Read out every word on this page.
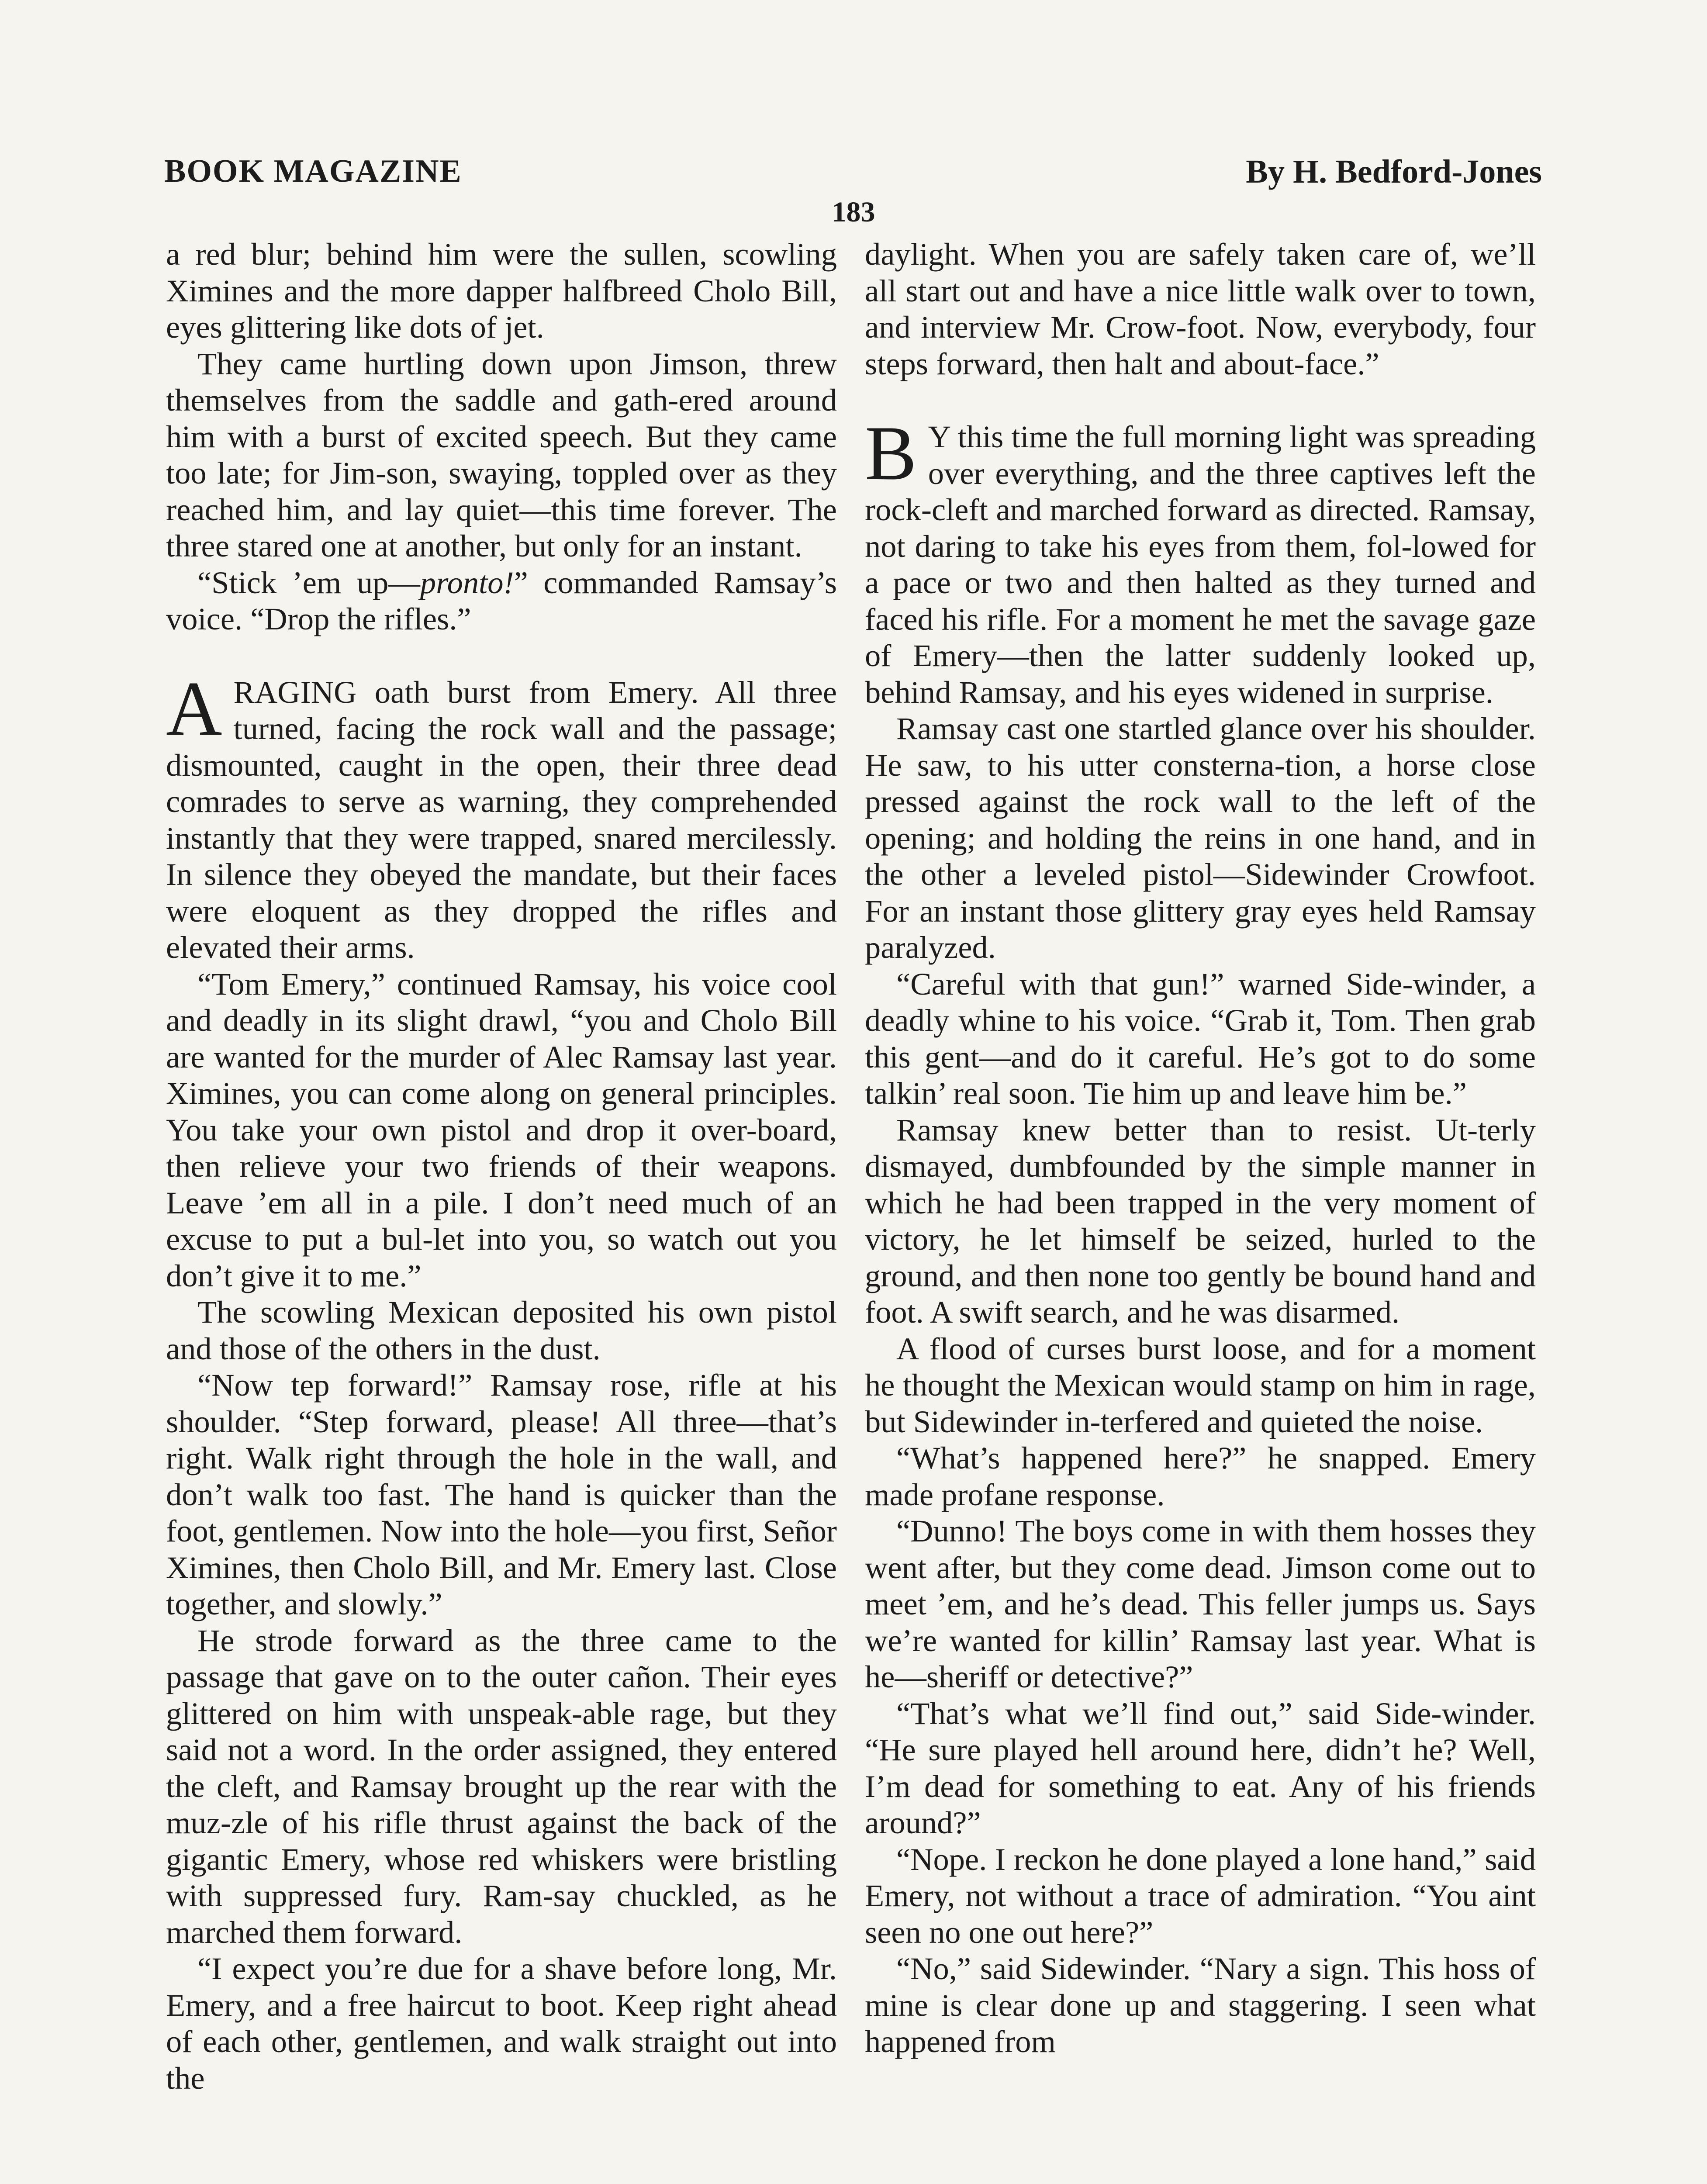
BOOK MAGAZINE	By H. Bedford-Jones
183

a red blur; behind him were the sullen, scowling Ximines and the more dapper halfbreed Cholo Bill, eyes glittering like dots of jet.

They came hurtling down upon Jimson, threw themselves from the saddle and gath-ered around him with a burst of excited speech. But they came too late; for Jim-son, swaying, toppled over as they reached him, and lay quiet—this time forever. The three stared one at another, but only for an instant.

“Stick ’em up—pronto!” commanded Ramsay’s voice. “Drop the rifles.”

ARAGING oath burst from Emery. All three turned, facing the rock wall and the passage; dismounted, caught in the open, their three dead comrades to serve as warning, they comprehended instantly that they were trapped, snared mercilessly. In silence they obeyed the mandate, but their faces were eloquent as they dropped the rifles and elevated their arms.

“Tom Emery,” continued Ramsay, his voice cool and deadly in its slight drawl, “you and Cholo Bill are wanted for the murder of Alec Ramsay last year. Ximines, you can come along on general principles. You take your own pistol and drop it over-board, then relieve your two friends of their weapons. Leave ’em all in a pile. I don’t need much of an excuse to put a bul-let into you, so watch out you don’t give it to me.”

The scowling Mexican deposited his own pistol and those of the others in the dust.

“Now tep forward!” Ramsay rose, rifle at his shoulder. “Step forward, please! All three—that’s right. Walk right through the hole in the wall, and don’t walk too fast. The hand is quicker than the foot, gentlemen. Now into the hole—you first, Señor Ximines, then Cholo Bill, and Mr. Emery last. Close together, and slowly.”

He strode forward as the three came to the passage that gave on to the outer cañon. Their eyes glittered on him with unspeak-able rage, but they said not a word. In the order assigned, they entered the cleft, and Ramsay brought up the rear with the muz-zle of his rifle thrust against the back of the gigantic Emery, whose red whiskers were bristling with suppressed fury. Ram-say chuckled, as he marched them forward.

“I expect you’re due for a shave before long, Mr. Emery, and a free haircut to boot. Keep right ahead of each other, gentlemen, and walk straight out into the

daylight. When you are safely taken care of, we’ll all start out and have a nice little walk over to town, and interview Mr. Crow-foot. Now, everybody, four steps forward, then halt and about-face.”

B Y this time the full morning light was spreading over everything, and the three captives left the rock-cleft and marched forward as directed. Ramsay, not daring to take his eyes from them, fol-lowed for a pace or two and then halted as they turned and faced his rifle. For a moment he met the savage gaze of Emery—then the latter suddenly looked up, behind Ramsay, and his eyes widened in surprise.

Ramsay cast one startled glance over his shoulder. He saw, to his utter consterna-tion, a horse close pressed against the rock wall to the left of the opening; and holding the reins in one hand, and in the other a leveled pistol—Sidewinder Crowfoot. For an instant those glittery gray eyes held Ramsay paralyzed.

“Careful with that gun!” warned Side-winder, a deadly whine to his voice. “Grab it, Tom. Then grab this gent—and do it careful. He’s got to do some talkin’ real soon. Tie him up and leave him be.”

Ramsay knew better than to resist. Ut-terly dismayed, dumbfounded by the simple manner in which he had been trapped in the very moment of victory, he let himself be seized, hurled to the ground, and then none too gently be bound hand and foot. A swift search, and he was disarmed.

A flood of curses burst loose, and for a moment he thought the Mexican would stamp on him in rage, but Sidewinder in-terfered and quieted the noise.

“What’s happened here?” he snapped. Emery made profane response.

“Dunno! The boys come in with them hosses they went after, but they come dead. Jimson come out to meet ’em, and he’s dead. This feller jumps us. Says we’re wanted for killin’ Ramsay last year. What is he—sheriff or detective?”

“That’s what we’ll find out,” said Side-winder. “He sure played hell around here, didn’t he? Well, I’m dead for something to eat. Any of his friends around?”

“Nope. I reckon he done played a lone hand,” said Emery, not without a trace of admiration. “You aint seen no one out here?”

“No,” said Sidewinder. “Nary a sign. This hoss of mine is clear done up and staggering. I seen what happened from
